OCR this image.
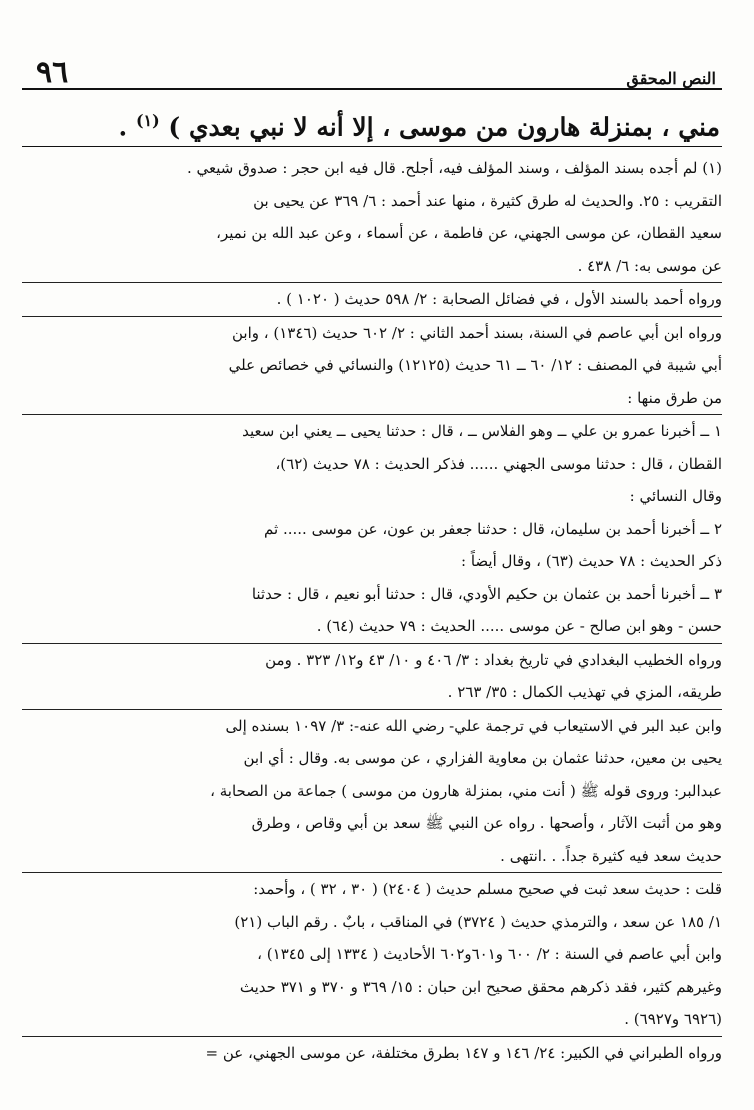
النص المحقق
٩٦
مني ، بمنزلة هارون من موسى ، إلا أنه لا نبي بعدي ) $^{(١)}$ .
(١) لم أجده بسند المؤلف ، وسند المؤلف فيه، أجلح. قال فيه ابن حجر : صدوق شيعي .
التقريب : ٢٥. والحديث له طرق كثيرة ، منها عند أحمد : ٦/ ٣٦٩ عن يحيى بن
سعيد القطان، عن موسى الجهني، عن فاطمة ، عن أسماء ، وعن عبد الله بن نمير،
عن موسى به: ٦/ ٤٣٨ .
ورواه أحمد بالسند الأول ، في فضائل الصحابة : ٢/ ٥٩٨ حديث ( ١٠٢٠ ) .
ورواه ابن أبي عاصم في السنة، بسند أحمد الثاني : ٢/ ٦٠٢ حديث (١٣٤٦) ، وابن
أبي شيبة في المصنف : ١٢/ ٦٠ ــ ٦١ حديث (١٢١٢٥) والنسائي في خصائص علي
من طرق منها :
١ ــ أخبرنا عمرو بن علي ــ وهو الفلاس ــ ، قال : حدثنا يحيى ــ يعني ابن سعيد
القطان ، قال : حدثنا موسى الجهني ...... فذكر الحديث : ٧٨ حديث (٦٢)،
وقال النسائي :
٢ ــ أخبرنا أحمد بن سليمان، قال : حدثنا جعفر بن عون، عن موسى ..... ثم
ذكر الحديث : ٧٨ حديث (٦٣) ، وقال أيضاً :
٣ ــ أخبرنا أحمد بن عثمان بن حكيم الأودي، قال : حدثنا أبو نعيم ، قال : حدثنا
حسن - وهو ابن صالح - عن موسى ..... الحديث : ٧٩ حديث (٦٤) .
ورواه الخطيب البغدادي في تاريخ بغداد : ٣/ ٤٠٦ و ١٠/ ٤٣ و١٢/ ٣٢٣ . ومن
طريقه، المزي في تهذيب الكمال : ٣٥/ ٢٦٣ .
وابن عبد البر في الاستيعاب في ترجمة علي- رضي الله عنه-: ٣/ ١٠٩٧ بسنده إلى
يحيى بن معين، حدثنا عثمان بن معاوية الفزاري ، عن موسى به. وقال : أي ابن
عبدالبر: وروى قوله ﷺ ( أنت مني، بمنزلة هارون من موسى ) جماعة من الصحابة ،
وهو من أثبت الآثار ، وأصحها . رواه عن النبي ﷺ سعد بن أبي وقاص ، وطرق
حديث سعد فيه كثيرة جداً. . .انتهى .
قلت : حديث سعد ثبت في صحيح مسلم حديث ( ٢٤٠٤) ( ٣٠ ، ٣٢ ) ، وأحمد:
١/ ١٨٥ عن سعد ، والترمذي حديث ( ٣٧٢٤) في المناقب ، بابٌ . رقم الباب (٢١)
وابن أبي عاصم في السنة : ٢/ ٦٠٠ و٦٠١و٦٠٢ الأحاديث ( ١٣٣٤ إلى ١٣٤٥) ،
وغيرهم كثير، فقد ذكرهم محقق صحيح ابن حبان : ١٥/ ٣٦٩ و ٣٧٠ و ٣٧١ حديث
(٦٩٢٦ و٦٩٢٧) .
ورواه الطبراني في الكبير: ٢٤/ ١٤٦ و ١٤٧ بطرق مختلفة، عن موسى الجهني، عن =
